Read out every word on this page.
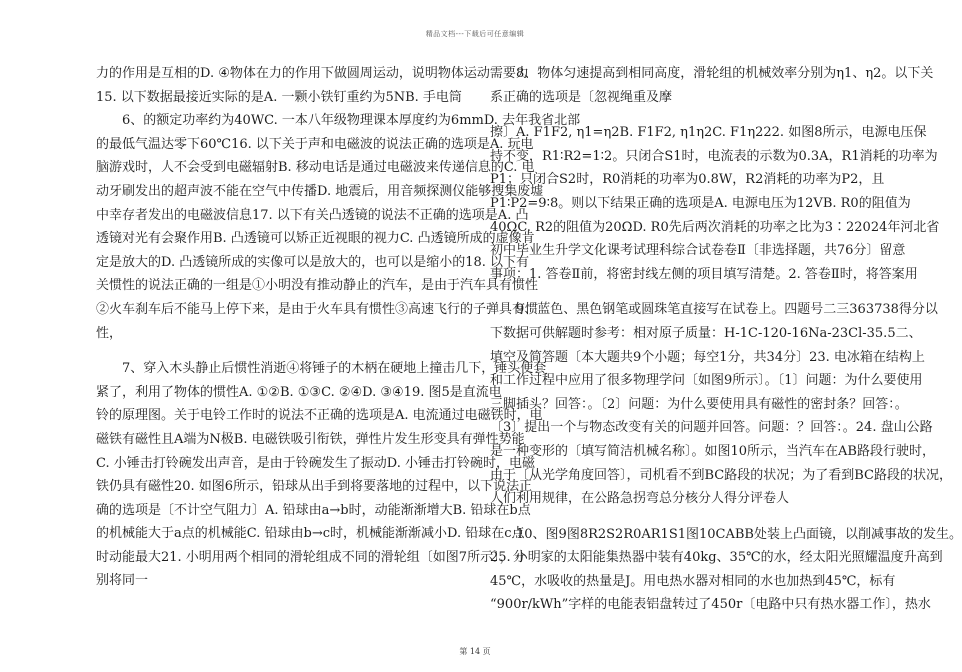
精品文档---下载后可任意编辑
力的作用是互相的D. ④物体在力的作用下做圆周运动，说明物体运动需要力
15. 以下数据最接近实际的是A. 一颗小铁钉重约为5NB. 手电筒
6、的额定功率约为40WC. 一本八年级物理课本厚度约为6mmD. 去年我省北部
的最低气温达零下60℃16. 以下关于声和电磁波的说法正确的选项是A. 玩电
脑游戏时，人不会受到电磁辐射B. 移动电话是通过电磁波来传递信息的C. 电
动牙刷发出的超声波不能在空气中传播D. 地震后，用音频探测仪能够搜集废墟
中幸存者发出的电磁波信息17. 以下有关凸透镜的说法不正确的选项是A. 凸
透镜对光有会聚作用B. 凸透镜可以矫正近视眼的视力C. 凸透镜所成的虚像肯
定是放大的D. 凸透镜所成的实像可以是放大的，也可以是缩小的18. 以下有
关惯性的说法正确的一组是①小明没有推动静止的汽车，是由于汽车具有惯性
②火车刹车后不能马上停下来，是由于火车具有惯性③高速飞行的子弹具有惯
性，
7、穿入木头静止后惯性消逝④将锤子的木柄在硬地上撞击几下，锤头便套
紧了，利用了物体的惯性A. ①②B. ①③C. ②④D. ③④19. 图5是直流电
铃的原理图。关于电铃工作时的说法不正确的选项是A. 电流通过电磁铁时，电
磁铁有磁性且A端为N极B. 电磁铁吸引衔铁，弹性片发生形变具有弹性势能
C. 小锤击打铃碗发出声音，是由于铃碗发生了振动D. 小锤击打铃碗时，电磁
铁仍具有磁性20. 如图6所示，铅球从出手到将要落地的过程中，以下说法正
确的选项是〔不计空气阻力〕A. 铅球由a→b时，动能渐渐增大B. 铅球在b点
的机械能大于a点的机械能C. 铅球由b→c时，机械能渐渐减小D. 铅球在c点
时动能最大21. 小明用两个相同的滑轮组成不同的滑轮组〔如图7所示〕，分
别将同一
8、物体匀速提高到相同高度，滑轮组的机械效率分别为η1、η2。以下关
系正确的选项是〔忽视绳重及摩
擦〕A. F1F2, η1=η2B. F1F2, η1η2C. F1η222. 如图8所示，电源电压保
持不变，R1∶R2=1∶2。只闭合S1时，电流表的示数为0.3A，R1消耗的功率为
P1；只闭合S2时，R0消耗的功率为0.8W，R2消耗的功率为P2，且
P1∶P2=9∶8。则以下结果正确的选项是A. 电源电压为12VB. R0的阻值为
40ΩC. R2的阻值为20ΩD. R0先后两次消耗的功率之比为3∶22024年河北省
初中毕业生升学文化课考试理科综合试卷卷Ⅱ〔非选择题，共76分〕留意
事项：1. 答卷Ⅱ前，将密封线左侧的项目填写清楚。2. 答卷Ⅱ时，将答案用
9、蓝色、黑色钢笔或圆珠笔直接写在试卷上。四题号二三363738得分以
下数据可供解题时参考：相对原子质量：H-1C-120-16Na-23Cl-35.5二、
填空及简答题〔本大题共9个小题；每空1分，共34分〕23. 电冰箱在结构上
和工作过程中应用了很多物理学问〔如图9所示〕。〔1〕问题：为什么要使用
三脚插头？回答：。〔2〕问题：为什么要使用具有磁性的密封条？回答：。
〔3〕提出一个与物态改变有关的问题并回答。问题：？回答：。24. 盘山公路
是一种变形的〔填写简洁机械名称〕。如图10所示，当汽车在AB路段行驶时，
由于〔从光学角度回答〕，司机看不到BC路段的状况；为了看到BC路段的状况，
人们利用规律，在公路急拐弯总分核分人得分评卷人
10、图9图8R2S2R0AR1S1图10CABB处装上凸面镜，以削减事故的发生。
25. 小明家的太阳能集热器中装有40kg、35℃的水，经太阳光照耀温度升高到
45℃，水吸收的热量是J。用电热水器对相同的水也加热到45℃，标有
“900r/kWh”字样的电能表铝盘转过了450r〔电路中只有热水器工作〕，热水
第 14 页
